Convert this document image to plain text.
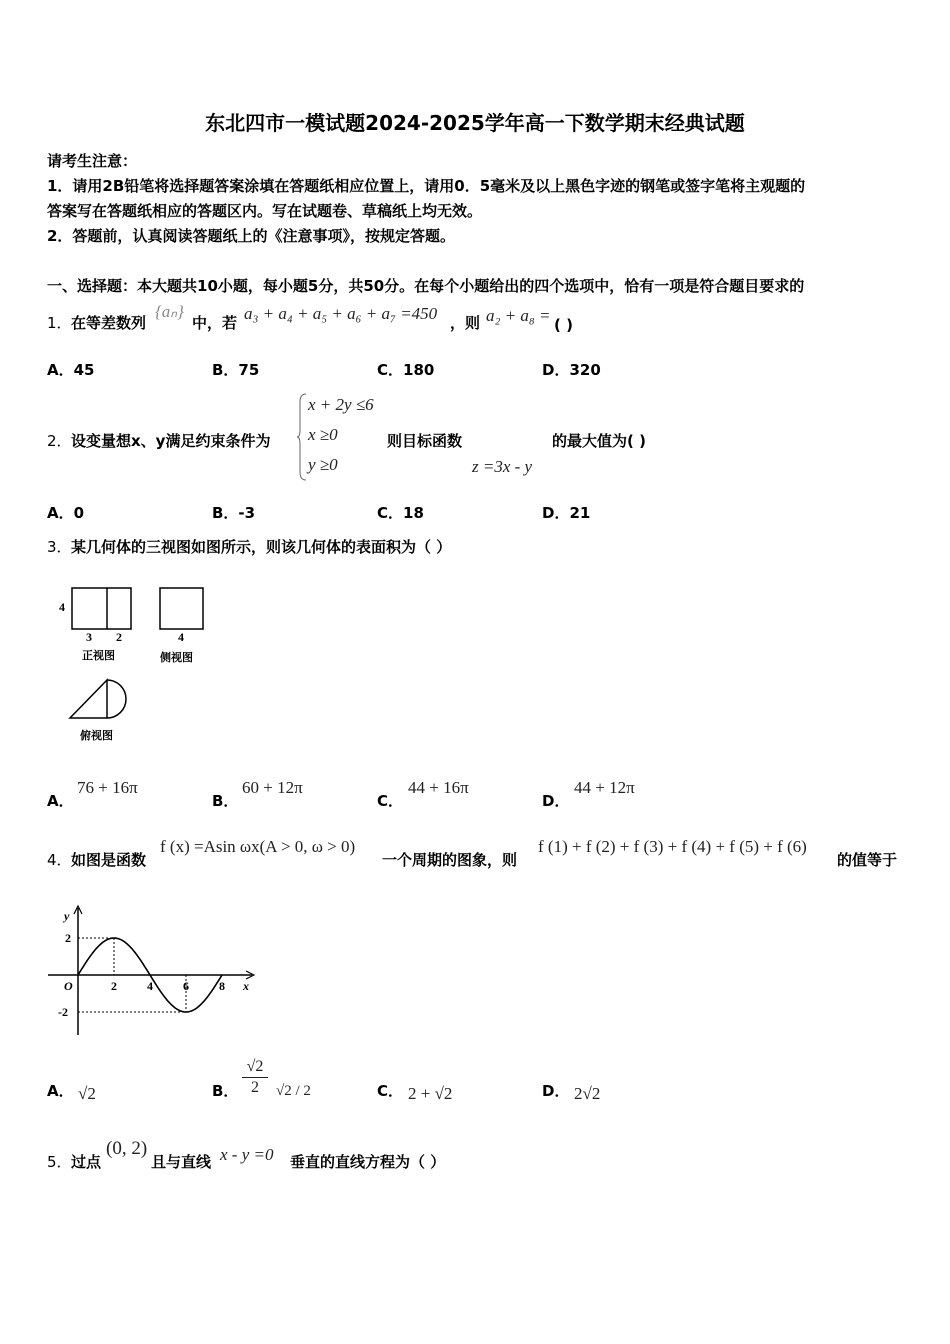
东北四市一模试题2024-2025学年高一下数学期末经典试题
请考生注意：
1．请用2B铅笔将选择题答案涂填在答题纸相应位置上，请用0．5毫米及以上黑色字迹的钢笔或签字笔将主观题的
答案写在答题纸相应的答题区内。写在试题卷、草稿纸上均无效。
2．答题前，认真阅读答题纸上的《注意事项》，按规定答题。
一、选择题：本大题共10小题，每小题5分，共50分。在每个小题给出的四个选项中，恰有一项是符合题目要求的
1． 在等差数列
{aₙ}
中，若 a₃ + a₄ + a₅ + a₆ + a₇ =450 ，则 a₂ + a₈ = ( )
A．45	B．75	C．180	D．320
2． 设变量想x、y满足约束条件为
x + 2y ≤6
x ≥0
y ≥0
则目标函数
z =3x - y
的最大值为( )
A．0	B．-3	C．18	D．21
3． 某几何体的三视图如图所示，则该几何体的表面积为（ ）
4
3 2
正视图
4
侧视图
俯视图
A．
76 + 16π
B．
60 + 12π
C．
44 + 16π
D．
44 + 12π
4． 如图是函数
f (x) =Asin ωx(A > 0, ω > 0)
一个周期的图象，则
f (1) + f (2) + f (3) + f (4) + f (5) + f (6)
的值等于
y
x
O
2
-2
2	4	6	8
A． √2	B． $\frac{√2}{2} √2 / 2$	C． 2 + √2	D． 2√2
5． 过点
(0, 2)
且与直线 x - y =0 垂直的直线方程为（ ）
